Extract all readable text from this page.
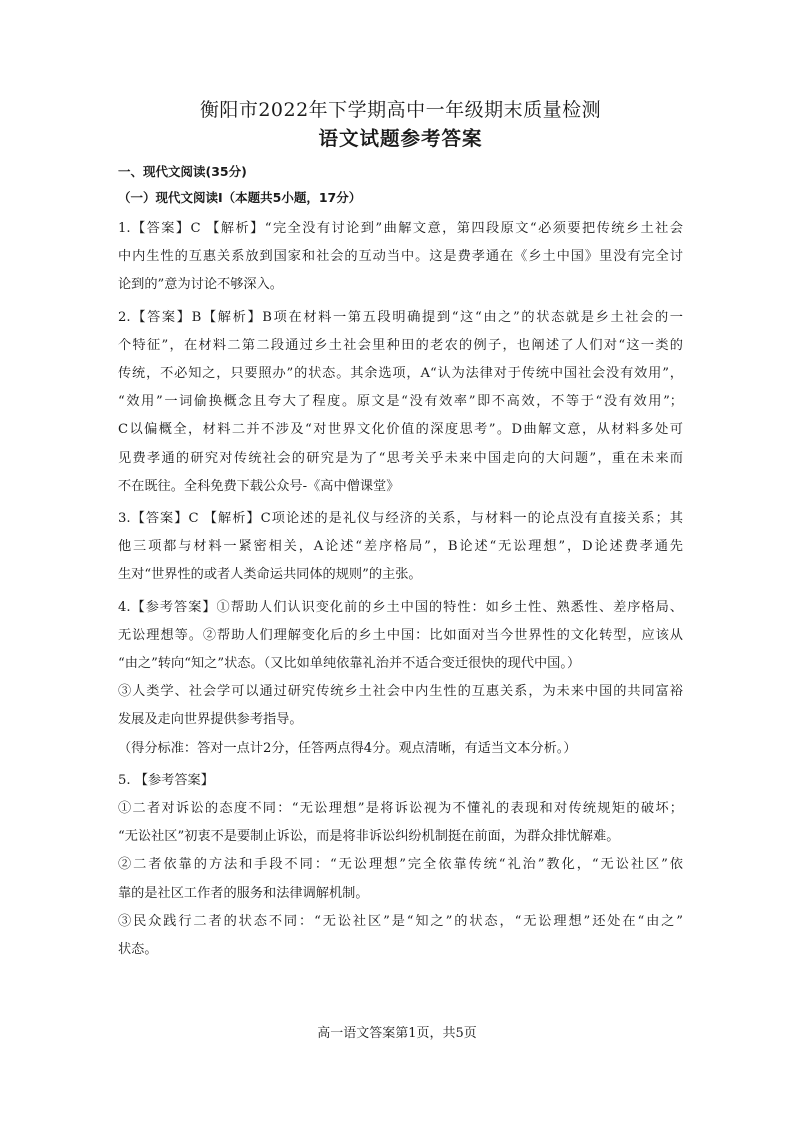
衡阳市2022年下学期高中一年级期末质量检测
语文试题参考答案

一、现代文阅读(35分)

（一）现代文阅读Ⅰ（本题共5小题，17分）

1.【答案】C 【解析】“完全没有讨论到”曲解文意，第四段原文“必须要把传统乡土社会
中内生性的互惠关系放到国家和社会的互动当中。这是费孝通在《乡土中国》里没有完全讨
论到的”意为讨论不够深入。
2.【答案】B【解析】B项在材料一第五段明确提到“这“由之”的状态就是乡土社会的一
个特征”，在材料二第二段通过乡土社会里种田的老农的例子，也阐述了人们对“这一类的
传统，不必知之，只要照办”的状态。其余选项，A“认为法律对于传统中国社会没有效用”，
“效用”一词偷换概念且夸大了程度。原文是“没有效率”即不高效，不等于“没有效用”；
C以偏概全，材料二并不涉及“对世界文化价值的深度思考”。D曲解文意，从材料多处可
见费孝通的研究对传统社会的研究是为了“思考关乎未来中国走向的大问题”，重在未来而
不在既往。全科免费下载公众号-《高中僧课堂》
3.【答案】C 【解析】C项论述的是礼仪与经济的关系，与材料一的论点没有直接关系；其
他三项都与材料一紧密相关，A论述“差序格局”，B论述“无讼理想”，D论述费孝通先
生对“世界性的或者人类命运共同体的规则”的主张。
4.【参考答案】①帮助人们认识变化前的乡土中国的特性：如乡土性、熟悉性、差序格局、
无讼理想等。②帮助人们理解变化后的乡土中国：比如面对当今世界性的文化转型，应该从
“由之”转向“知之”状态。（又比如单纯依靠礼治并不适合变迁很快的现代中国。）
③人类学、社会学可以通过研究传统乡土社会中内生性的互惠关系，为未来中国的共同富裕
发展及走向世界提供参考指导。
（得分标准：答对一点计2分，任答两点得4分。观点清晰，有适当文本分析。）
5. 【参考答案】
①二者对诉讼的态度不同：“无讼理想”是将诉讼视为不懂礼的表现和对传统规矩的破坏；
“无讼社区”初衷不是要制止诉讼，而是将非诉讼纠纷机制挺在前面，为群众排忧解难。
②二者依靠的方法和手段不同：“无讼理想”完全依靠传统“礼治”教化，“无讼社区”依
靠的是社区工作者的服务和法律调解机制。
③民众践行二者的状态不同：“无讼社区”是“知之”的状态，“无讼理想”还处在“由之”
状态。
高一语文答案第1页，共5页
